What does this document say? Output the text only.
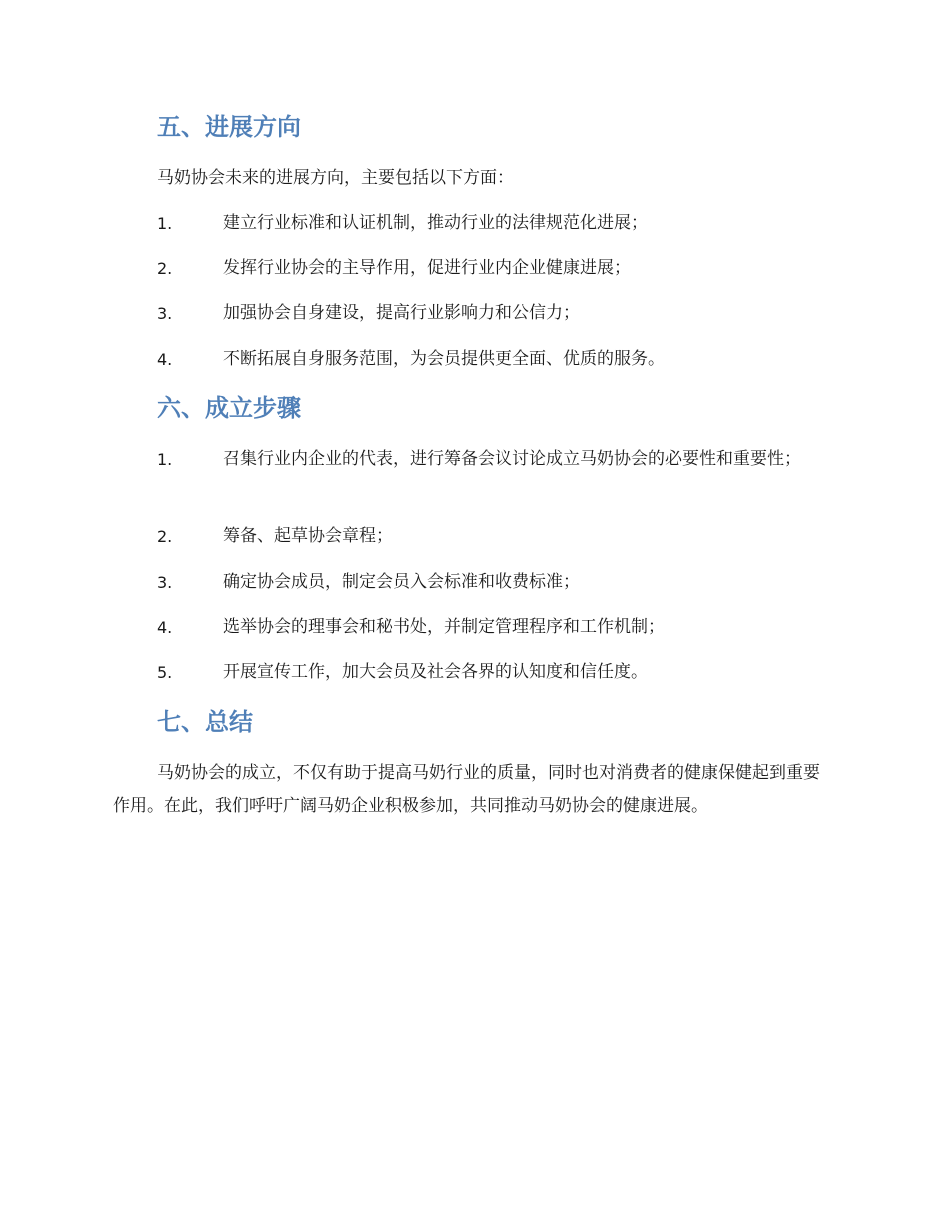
五、进展方向

马奶协会未来的进展方向，主要包括以下方面：

1.	建立行业标准和认证机制，推动行业的法律规范化进展；
2.	发挥行业协会的主导作用，促进行业内企业健康进展；
3.	加强协会自身建设，提高行业影响力和公信力；
4.	不断拓展自身服务范围，为会员提供更全面、优质的服务。
六、成立步骤
1.	召集行业内企业的代表，进行筹备会议讨论成立马奶协会的必要性和重要性；
2.	筹备、起草协会章程；
3.	确定协会成员，制定会员入会标准和收费标准；
4.	选举协会的理事会和秘书处，并制定管理程序和工作机制；
5.	开展宣传工作，加大会员及社会各界的认知度和信任度。
七、总结

马奶协会的成立，不仅有助于提高马奶行业的质量，同时也对消费者的健康保健起到重要作用。在此，我们呼吁广阔马奶企业积极参加，共同推动马奶协会的健康进展。
